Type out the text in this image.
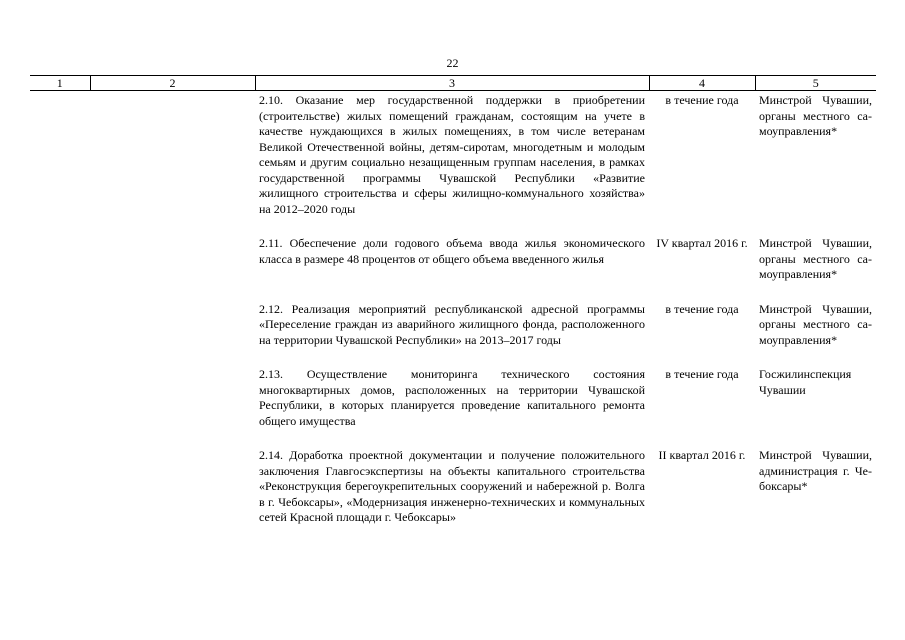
22
1	2	3	4	5
		2.10. Оказание мер государственной поддержки в приобретении (строительстве) жилых помещений гражданам, состоящим на учете в качестве нуждающихся в жилых помещениях, в том числе ветеранам Великой Отечественной войны, детям-сиротам, многодетным и молодым семьям и другим социально незащищенным группам населения, в рамках государственной программы Чувашской Республики «Развитие жилищного строительства и сферы жилищно-коммунального хозяйства» на 2012–2020 годы	в течение года	Минстрой Чувашии, органы местного самоуправления*
		2.11. Обеспечение доли годового объема ввода жилья экономического класса в размере 48 процентов от общего объема введенного жилья	IV квартал 2016 г.	Минстрой Чувашии, органы местного самоуправления*
		2.12. Реализация мероприятий республиканской адресной программы «Переселение граждан из аварийного жилищного фонда, расположенного на территории Чувашской Республики» на 2013–2017 годы	в течение года	Минстрой Чувашии, органы местного самоуправления*
		2.13. Осуществление мониторинга технического состояния многоквартирных домов, расположенных на территории Чувашской Республики, в которых планируется проведение капитального ремонта общего имущества	в течение года	Госжилинспекция Чувашии
		2.14. Доработка проектной документации и получение положительного заключения Главгосэкспертизы на объекты капитального строительства «Реконструкция берегоукрепительных сооружений и набережной р. Волга в г. Чебоксары», «Модернизация инженерно-технических и коммунальных сетей Красной площади г. Чебоксары»	II квартал 2016 г.	Минстрой Чувашии, администрация г. Чебоксары*
